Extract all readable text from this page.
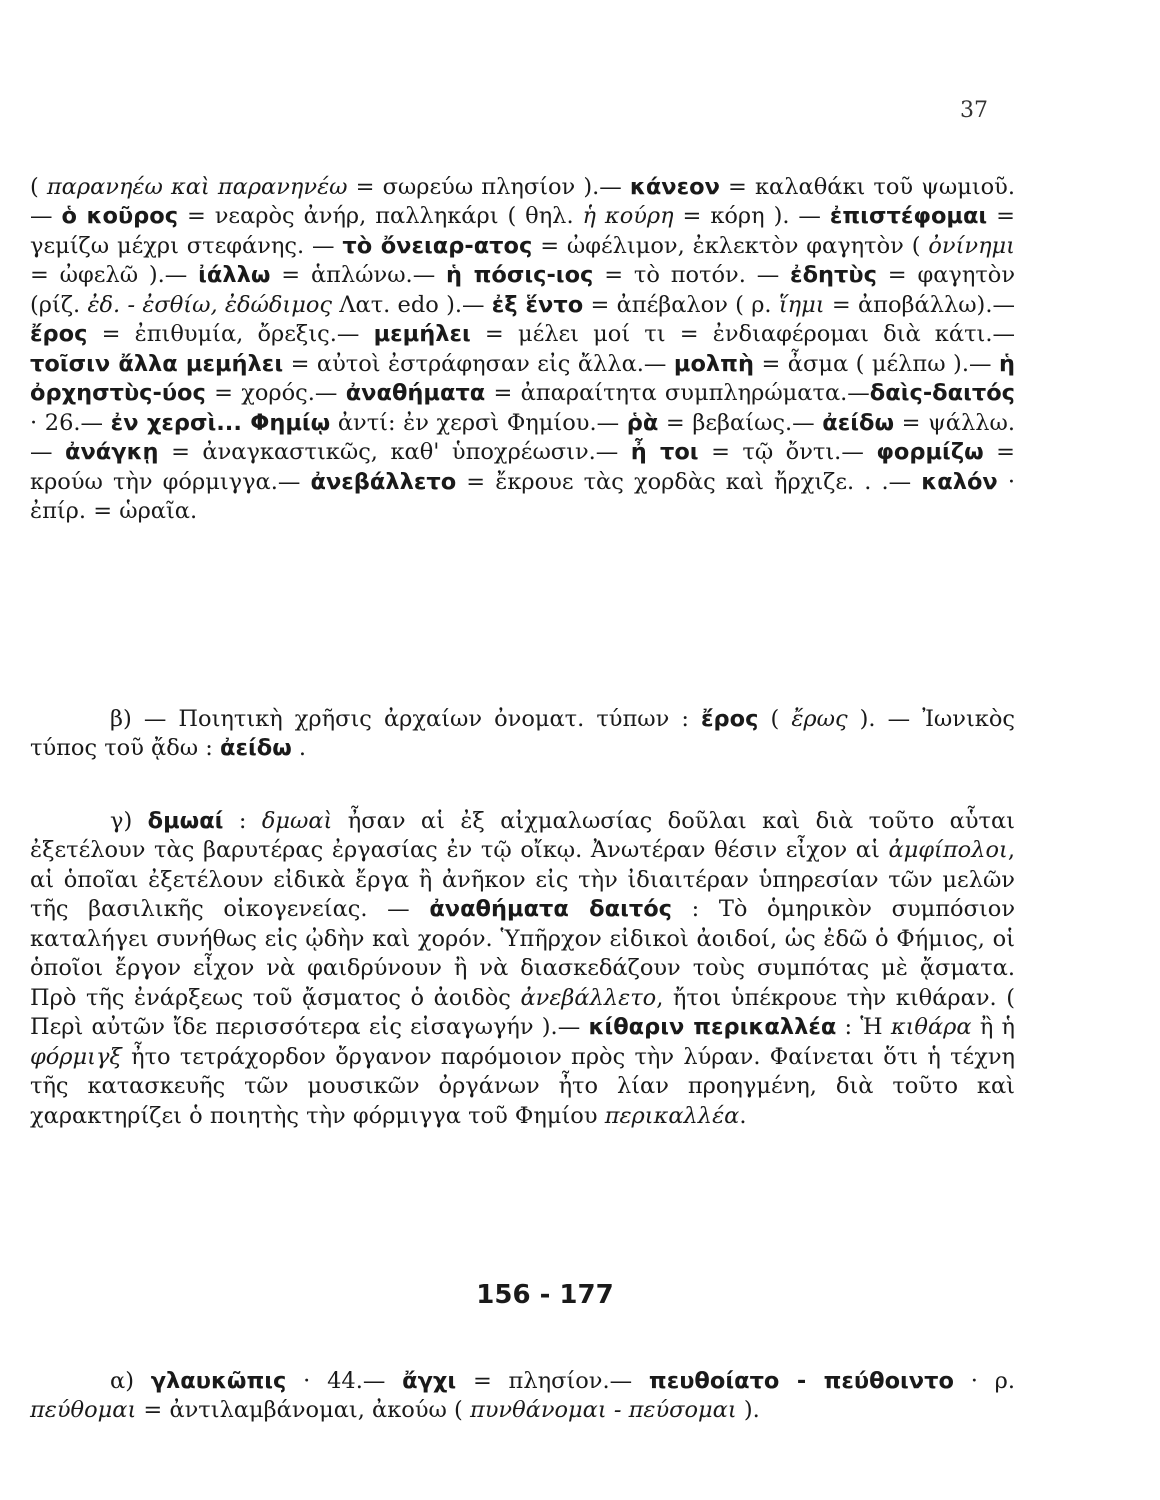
37

( παρανηέω καὶ παρανηνέω = σωρεύω πλησίον ).— κάνεον = καλαθάκι τοῦ ψωμιοῦ. — ὁ κοῦρος = νεαρὸς ἀνήρ, παλληκάρι ( θηλ. ἡ κούρη = κόρη ). — ἐπιστέφομαι = γεμίζω μέχρι στεφάνης. — τὸ ὄνειαρ-ατος = ὠφέλιμον, ἐκλεκτὸν φαγητὸν ( ὀνίνημι = ὠφελῶ ).— ἰάλλω = ἁπλώνω.— ἡ πόσις-ιος = τὸ ποτόν. — ἐδητὺς = φαγητὸν (ρίζ. ἐδ. - ἐσθίω, ἐδώδιμος Λατ. edo ).— ἐξ ἕντο = ἀπέβαλον ( ρ. ἵημι = ἀποβάλλω).— ἔρος = ἐπιθυμία, ὄρεξις.— μεμήλει = μέλει μοί τι = ἐνδιαφέρομαι διὰ κάτι.— τοῖσιν ἄλλα μεμήλει = αὐτοὶ ἐστράφησαν εἰς ἄλλα.— μολπὴ = ἆσμα ( μέλπω ).— ἡ ὀρχηστὺς-ύος = χορός.— ἀναθήματα = ἀπαραίτητα συμπληρώματα.—δαὶς-δαιτός · 26.— ἐν χερσὶ... Φημίῳ ἀντί: ἐν χερσὶ Φημίου.— ῥὰ = βεβαίως.— ἀείδω = ψάλλω.— ἀνάγκῃ = ἀναγκαστικῶς, καθ' ὑποχρέωσιν.— ἦ τοι = τῷ ὄντι.— φορμίζω = κρούω τὴν φόρμιγγα.— ἀνεβάλλετο = ἔκρουε τὰς χορδὰς καὶ ἤρχιζε. . .— καλόν · ἐπίρ. = ὡραῖα.

β) — Ποιητικὴ χρῆσις ἀρχαίων ὀνοματ. τύπων : ἔρος ( ἔρως ). — Ἰωνικὸς τύπος τοῦ ᾄδω : ἀείδω .

γ) δμωαί : δμωαὶ ἦσαν αἱ ἐξ αἰχμαλωσίας δοῦλαι καὶ διὰ τοῦτο αὗται ἐξετέλουν τὰς βαρυτέρας ἐργασίας ἐν τῷ οἴκῳ. Ἀνωτέραν θέσιν εἶχον αἱ ἀμφίπολοι, αἱ ὁποῖαι ἐξετέλουν εἰδικὰ ἔργα ἢ ἀνῆκον εἰς τὴν ἰδιαιτέραν ὑπηρεσίαν τῶν μελῶν τῆς βασιλικῆς οἰκογενείας. — ἀναθήματα δαιτός : Τὸ ὁμηρικὸν συμπόσιον καταλήγει συνήθως εἰς ᾠδὴν καὶ χορόν. Ὑπῆρχον εἰδικοὶ ἀοιδοί, ὡς ἐδῶ ὁ Φήμιος, οἱ ὁποῖοι ἔργον εἶχον νὰ φαιδρύνουν ἢ νὰ διασκεδάζουν τοὺς συμπότας μὲ ᾄσματα. Πρὸ τῆς ἐνάρξεως τοῦ ᾄσματος ὁ ἀοιδὸς ἀνεβάλλετο, ἤτοι ὑπέκρουε τὴν κιθάραν. ( Περὶ αὐτῶν ἴδε περισσότερα εἰς εἰσαγωγήν ).— κίθαριν περικαλλέα : Ἡ κιθάρα ἢ ἡ φόρμιγξ ἦτο τετράχορδον ὄργανον παρόμοιον πρὸς τὴν λύραν. Φαίνεται ὅτι ἡ τέχνη τῆς κατασκευῆς τῶν μουσικῶν ὀργάνων ἦτο λίαν προηγμένη, διὰ τοῦτο καὶ χαρακτηρίζει ὁ ποιητὴς τὴν φόρμιγγα τοῦ Φημίου περικαλλέα.

156 - 177

α) γλαυκῶπις · 44.— ἄγχι = πλησίον.— πευθοίατο - πεύθοιντο · ρ. πεύθομαι = ἀντιλαμβάνομαι, ἀκούω ( πυνθάνομαι - πεύσομαι ).
